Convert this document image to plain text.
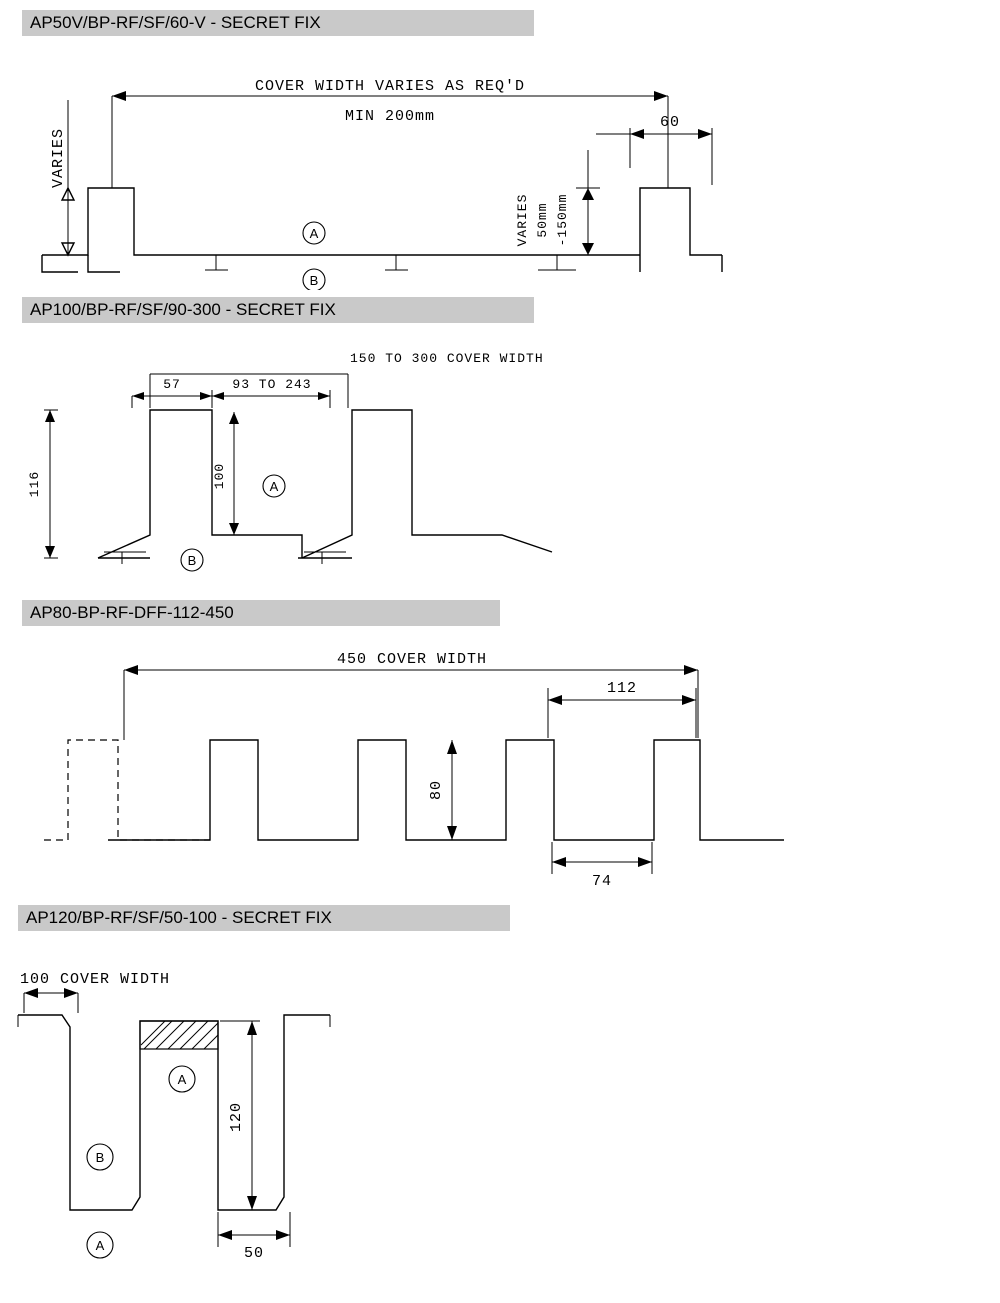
AP50V/BP-RF/SF/60-V - SECRET FIX
VARIES
COVER WIDTH VARIES AS REQ'D
MIN 200mm	60
VARIES 50mm -150mm
A
B
AP100/BP-RF/SF/90-300 - SECRET FIX
150 TO 300 COVER WIDTH
57	93 TO 243
116	100	A
B
AP80-BP-RF-DFF-112-450
450 COVER WIDTH
112
80
74
AP120/BP-RF/SF/50-100 - SECRET FIX
100 COVER WIDTH
120
50
A
B
A
